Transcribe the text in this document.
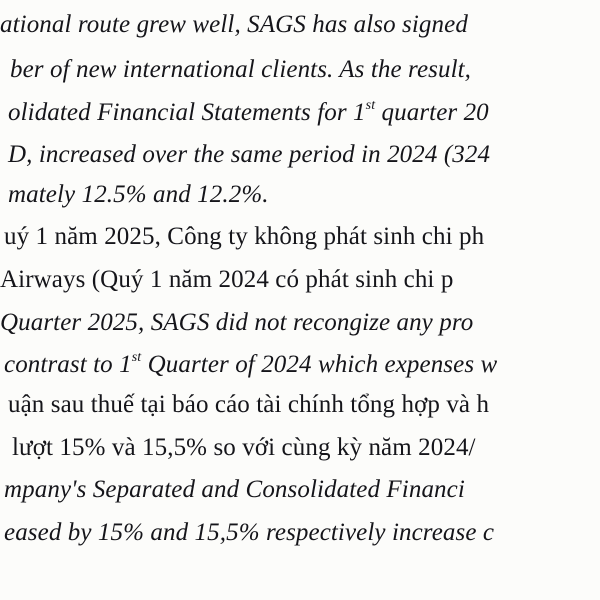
ational route grew well, SAGS has also signed
ber of new international clients. As the result,
olidated Financial Statements for 1st quarter 20
D, increased over the same period in 2024 (324
mately 12.5% and 12.2%.
uý 1 năm 2025, Công ty không phát sinh chi ph
Airways (Quý 1 năm 2024 có phát sinh chi p
Quarter 2025, SAGS did not recongize any pro
contrast to 1st Quarter of 2024 which expenses w
uận sau thuế tại báo cáo tài chính tổng hợp và h
lượt 15% và 15,5% so với cùng kỳ năm 2024/
mpany's Separated and Consolidated Financi
eased by 15% and 15,5% respectively increase c
